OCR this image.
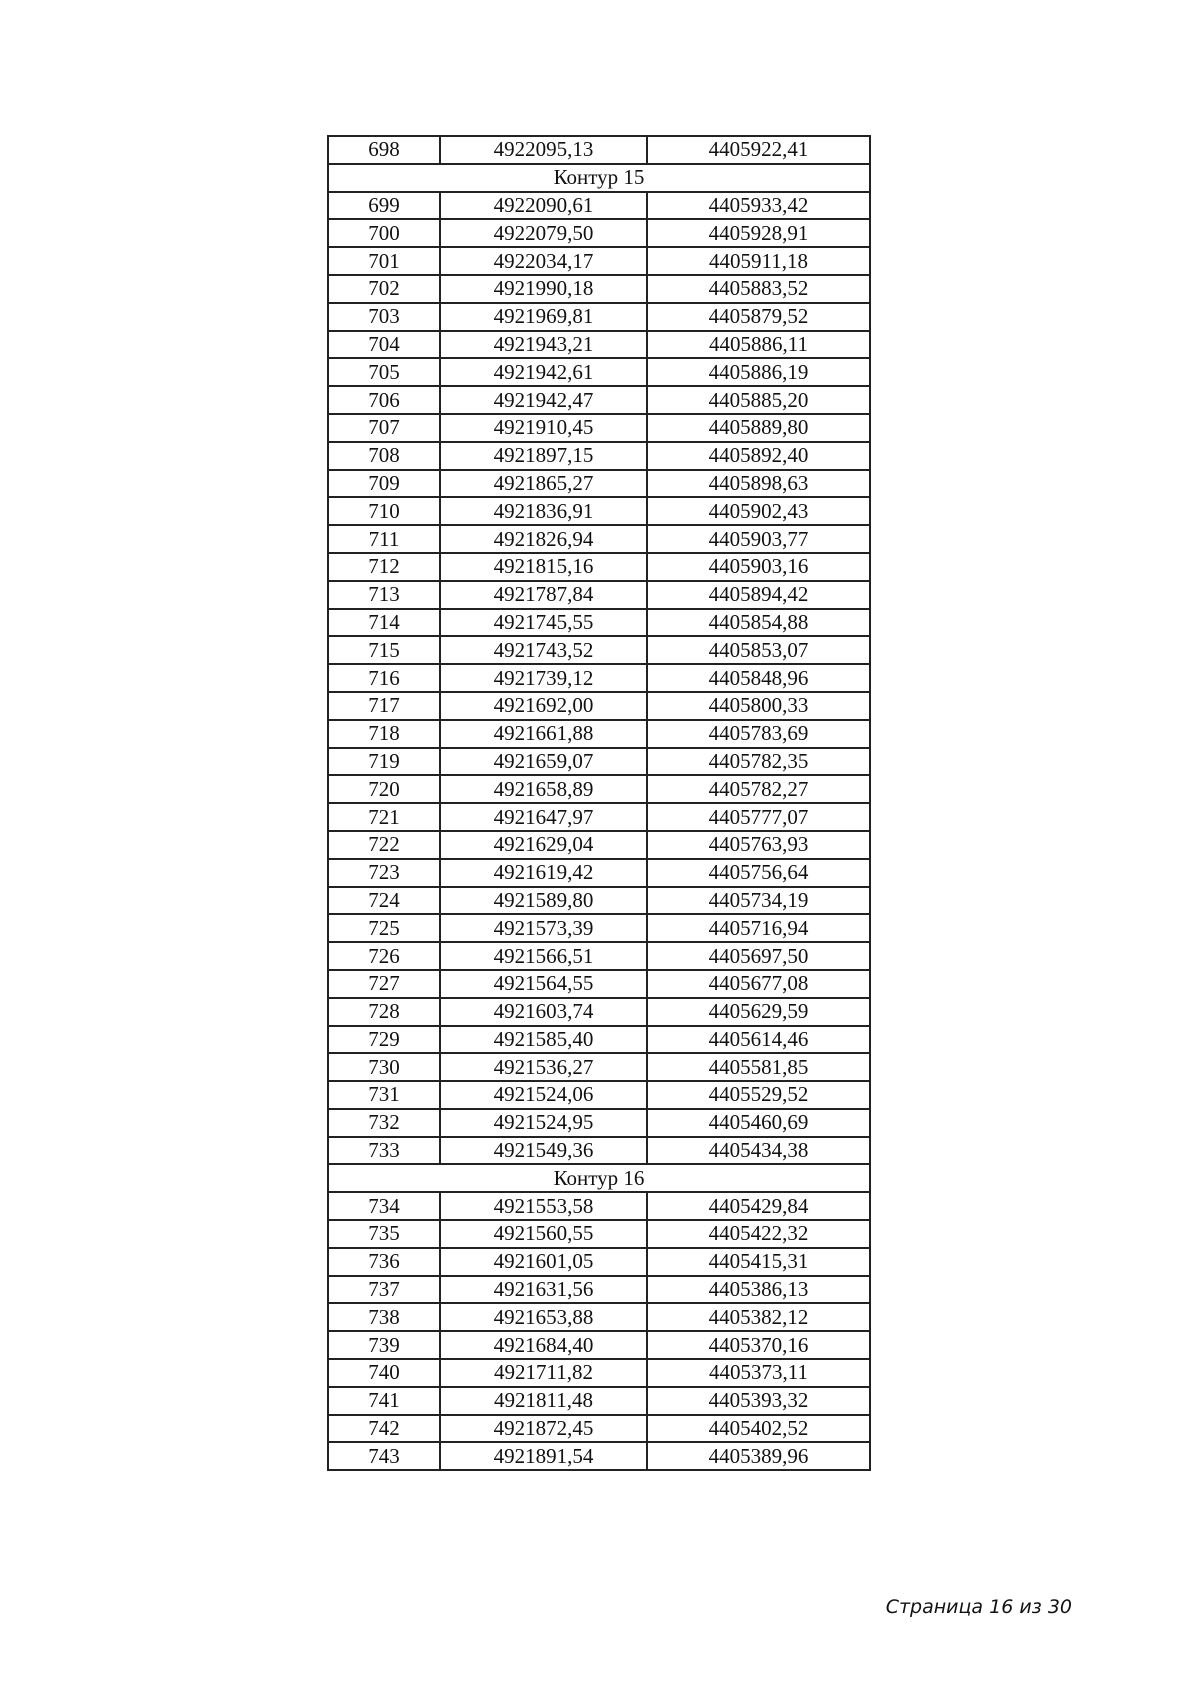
698	4922095,13	4405922,41
Контур 15		
699	4922090,61	4405933,42
700	4922079,50	4405928,91
701	4922034,17	4405911,18
702	4921990,18	4405883,52
703	4921969,81	4405879,52
704	4921943,21	4405886,11
705	4921942,61	4405886,19
706	4921942,47	4405885,20
707	4921910,45	4405889,80
708	4921897,15	4405892,40
709	4921865,27	4405898,63
710	4921836,91	4405902,43
711	4921826,94	4405903,77
712	4921815,16	4405903,16
713	4921787,84	4405894,42
714	4921745,55	4405854,88
715	4921743,52	4405853,07
716	4921739,12	4405848,96
717	4921692,00	4405800,33
718	4921661,88	4405783,69
719	4921659,07	4405782,35
720	4921658,89	4405782,27
721	4921647,97	4405777,07
722	4921629,04	4405763,93
723	4921619,42	4405756,64
724	4921589,80	4405734,19
725	4921573,39	4405716,94
726	4921566,51	4405697,50
727	4921564,55	4405677,08
728	4921603,74	4405629,59
729	4921585,40	4405614,46
730	4921536,27	4405581,85
731	4921524,06	4405529,52
732	4921524,95	4405460,69
733	4921549,36	4405434,38
Контур 16		
734	4921553,58	4405429,84
735	4921560,55	4405422,32
736	4921601,05	4405415,31
737	4921631,56	4405386,13
738	4921653,88	4405382,12
739	4921684,40	4405370,16
740	4921711,82	4405373,11
741	4921811,48	4405393,32
742	4921872,45	4405402,52
743	4921891,54	4405389,96
Страница 16 из 30
